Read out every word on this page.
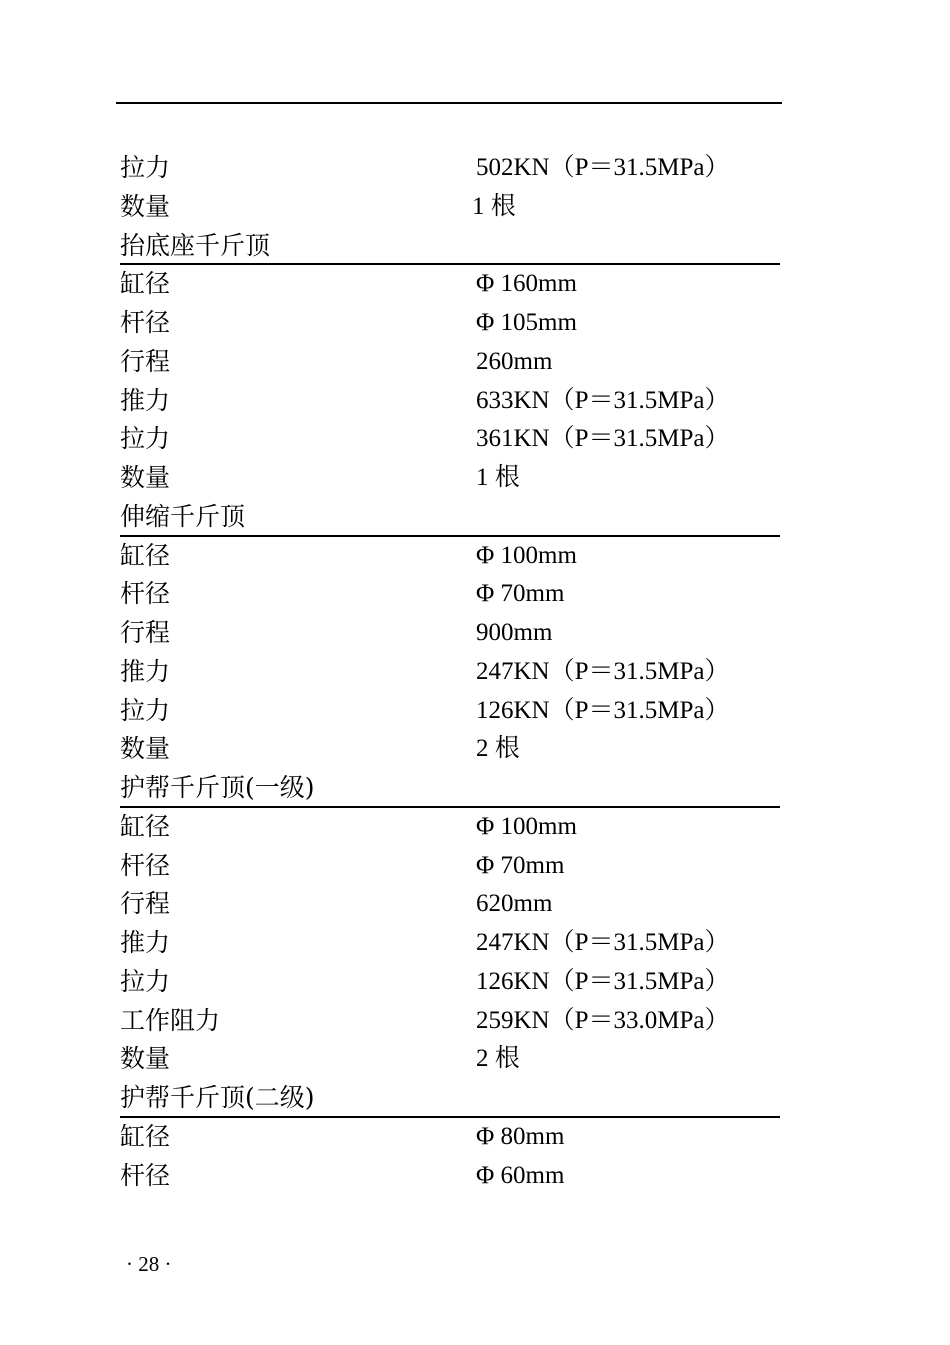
拉力	502KN（P＝31.5MPa）
数量	1 根
抬底座千斤顶
缸径	Φ 160mm
杆径	Φ 105mm
行程	260mm
推力	633KN（P＝31.5MPa）
拉力	361KN（P＝31.5MPa）
数量	1 根
伸缩千斤顶
缸径	Φ 100mm
杆径	Φ 70mm
行程	900mm
推力	247KN（P＝31.5MPa）
拉力	126KN（P＝31.5MPa）
数量	2 根
护帮千斤顶(一级)
缸径	Φ 100mm
杆径	Φ 70mm
行程	620mm
推力	247KN（P＝31.5MPa）
拉力	126KN（P＝31.5MPa）
工作阻力	259KN（P＝33.0MPa）
数量	2 根
护帮千斤顶(二级)
缸径	Φ 80mm
杆径	Φ 60mm
· 28 ·
